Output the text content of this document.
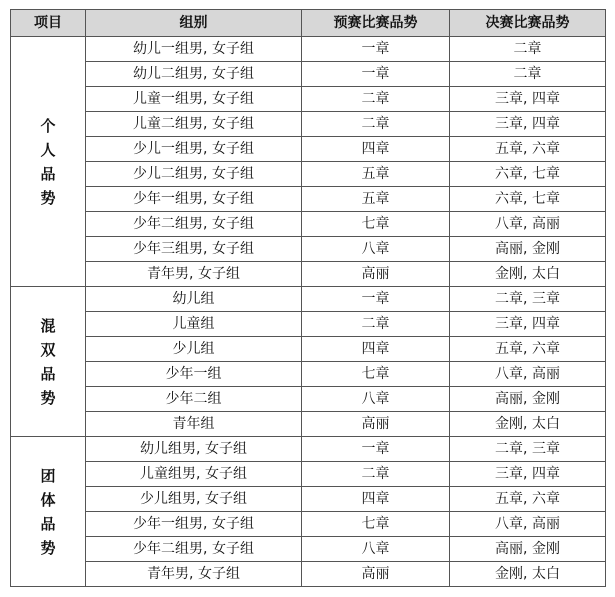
项目	组别	预赛比赛品势	决赛比赛品势

个
人
品
势	幼儿一组男, 女子组	一章	二章
	幼儿二组男, 女子组	一章	二章
	儿童一组男, 女子组	二章	三章, 四章
	儿童二组男, 女子组	二章	三章, 四章
	少儿一组男, 女子组	四章	五章, 六章
	少儿二组男, 女子组	五章	六章, 七章
	少年一组男, 女子组	五章	六章, 七章
	少年二组男, 女子组	七章	八章, 高丽
	少年三组男, 女子组	八章	高丽, 金刚
	青年男, 女子组	高丽	金刚, 太白

混
双
品
势	幼儿组	一章	二章, 三章
	儿童组	二章	三章, 四章
	少儿组	四章	五章, 六章
	少年一组	七章	八章, 高丽
	少年二组	八章	高丽, 金刚
	青年组	高丽	金刚, 太白

团
体
品
势	幼儿组男, 女子组	一章	二章, 三章
	儿童组男, 女子组	二章	三章, 四章
	少儿组男, 女子组	四章	五章, 六章
	少年一组男, 女子组	七章	八章, 高丽
	少年二组男, 女子组	八章	高丽, 金刚
	青年男, 女子组	高丽	金刚, 太白
